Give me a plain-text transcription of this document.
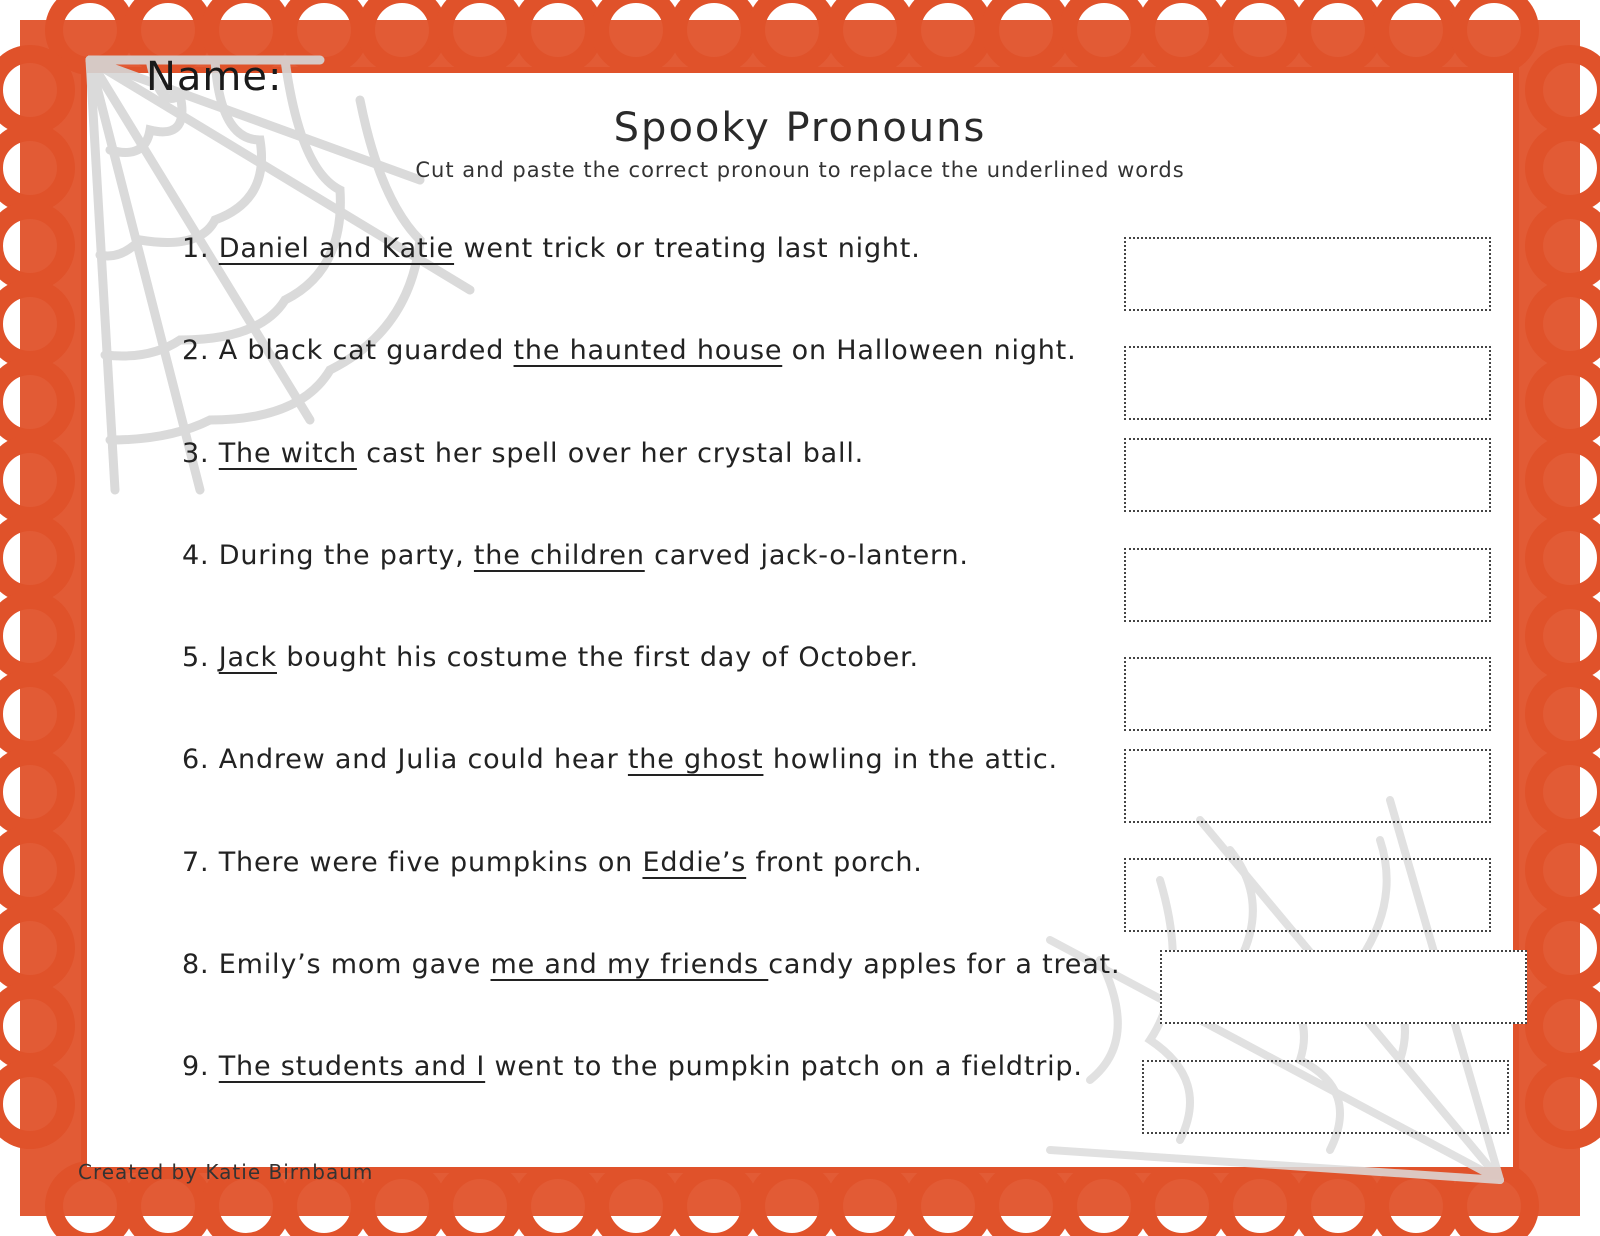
Name:
Spooky Pronouns
Cut and paste the correct pronoun to replace the underlined words
1. Daniel and Katie went trick or treating last night.
2. A black cat guarded the haunted house on Halloween night.
3. The witch cast her spell over her crystal ball.
4. During the party, the children carved jack-o-lantern.
5. Jack bought his costume the first day of October.
6. Andrew and Julia could hear the ghost howling in the attic.
7. There were five pumpkins on Eddie’s front porch.
8. Emily’s mom gave me and my friends candy apples for a treat.
9. The students and I went to the pumpkin patch on a fieldtrip.
Created by Katie Birnbaum
